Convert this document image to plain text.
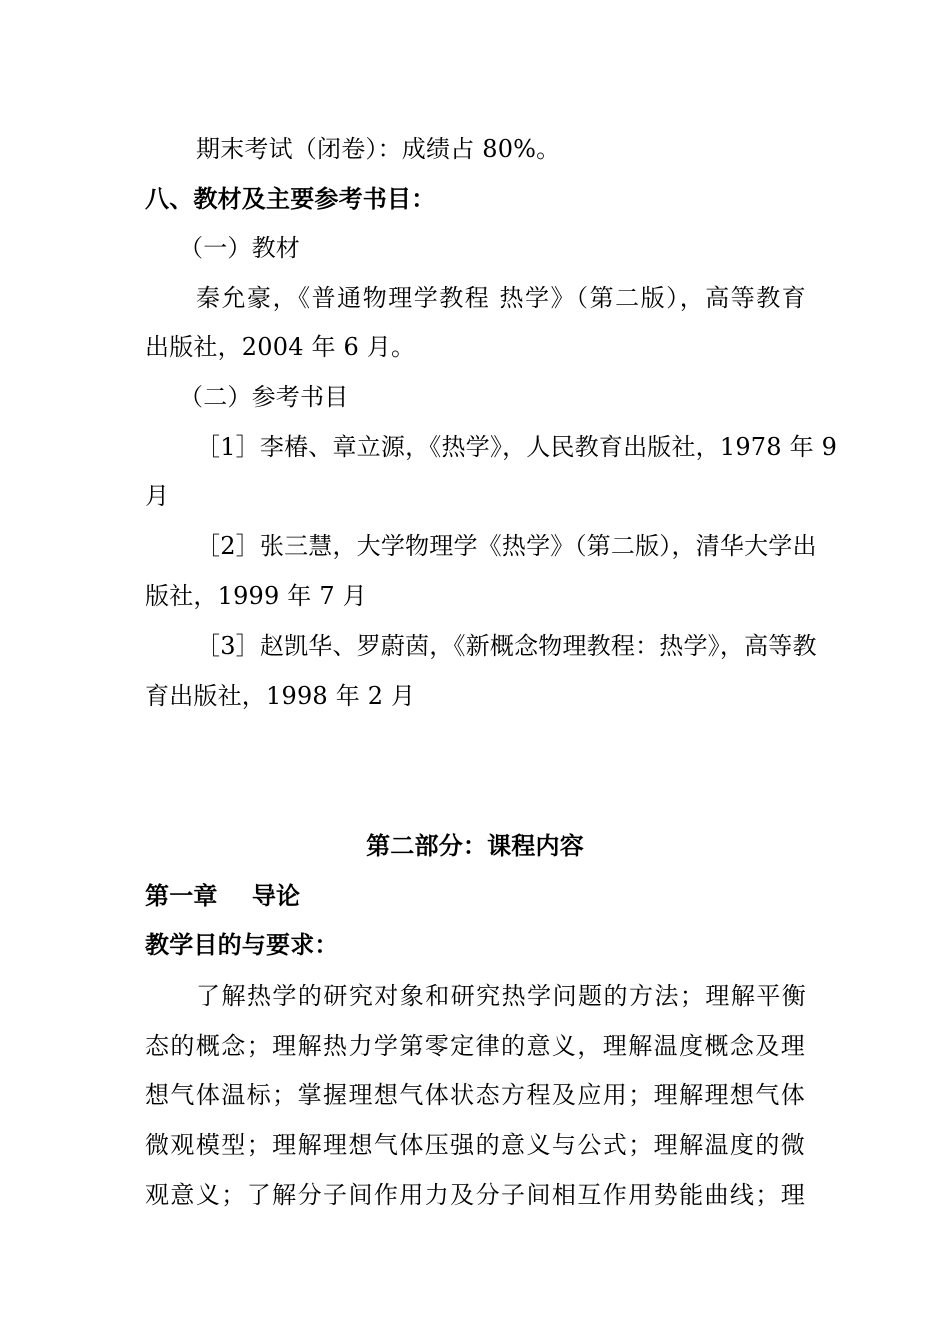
期末考试（闭卷）：成绩占 80%。
八、教材及主要参考书目：
（一）教材
秦允豪，《普通物理学教程 热学》（第二版），高等教育
出版社，2004 年 6 月。
（二）参考书目
［1］李椿、章立源，《热学》，人民教育出版社，1978 年 9
月
［2］张三慧，大学物理学《热学》（第二版），清华大学出
版社，1999 年 7 月
［3］赵凯华、罗蔚茵，《新概念物理教程：热学》，高等教
育出版社，1998 年 2 月
第二部分：课程内容
第一章    导论
教学目的与要求：
了解热学的研究对象和研究热学问题的方法；理解平衡
态的概念；理解热力学第零定律的意义，理解温度概念及理
想气体温标；掌握理想气体状态方程及应用；理解理想气体
微观模型；理解理想气体压强的意义与公式；理解温度的微
观意义；了解分子间作用力及分子间相互作用势能曲线；理
